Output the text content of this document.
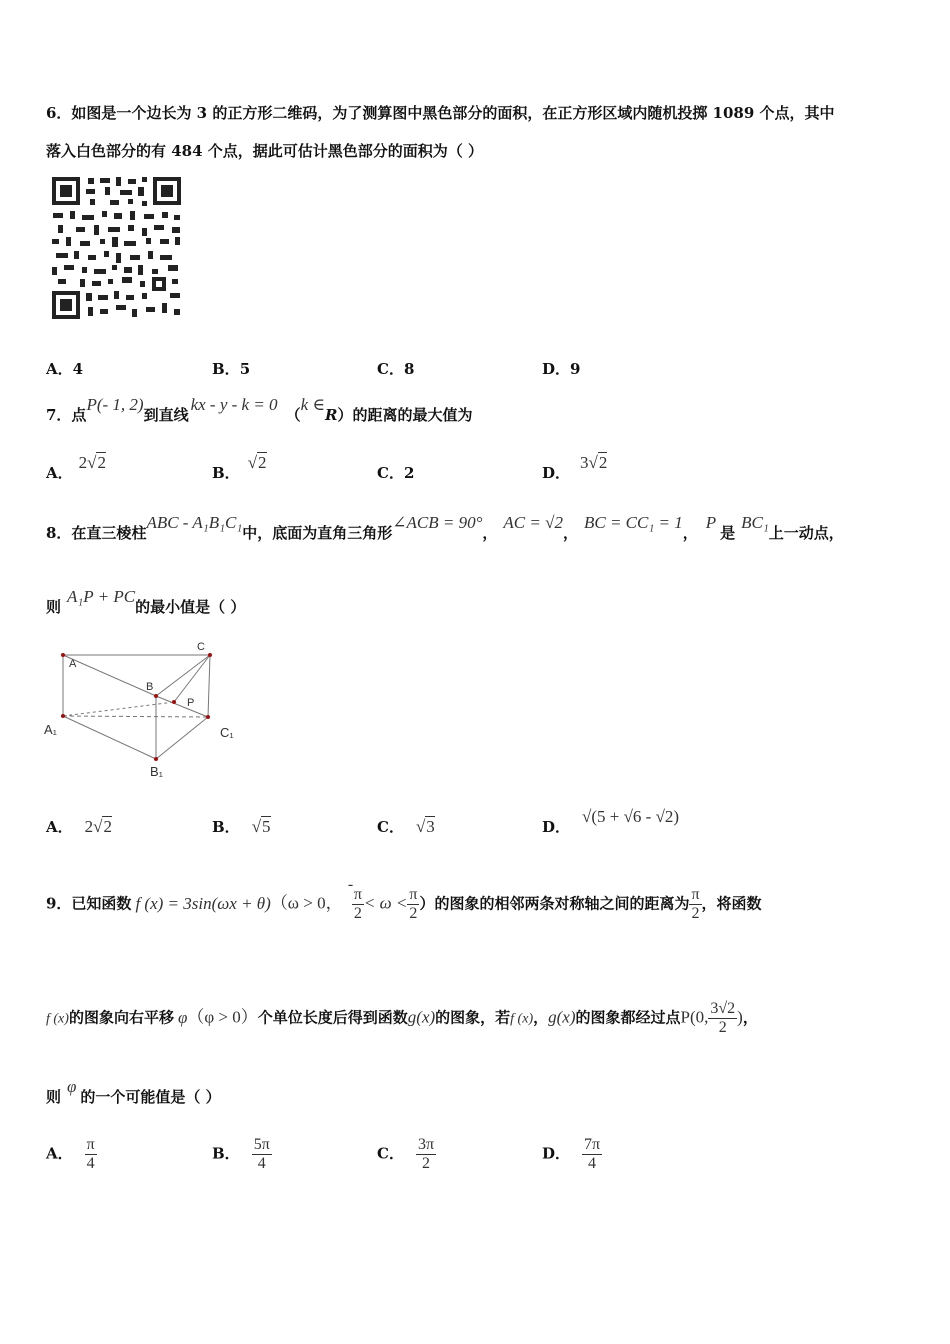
6．如图是一个边长为 3 的正方形二维码，为了测算图中黑色部分的面积，在正方形区域内随机投掷 1089 个点，其中
落入白色部分的有 484 个点，据此可估计黑色部分的面积为（ ）
A．4	B．5	C．8	D．9
7．点P(- 1, 2)到直线kx - y - k = 0（k ∈R）的距离的最大值为
A．2√2
B．√2
C．2	D．3√2
8．在直三棱柱ABC - A₁B₁C₁中，底面为直角三角形∠ACB = 90°，AC = √2，BC = CC₁ = 1，P是BC₁上一动点，
则A₁P + PC的最小值是（ ）
A
C
B
P
A₁	C₁
B₁
A． 2√2	B． √5	C． √3	D．√(5 + √6 - √2)
9．已知函数 f (x) = 3sin(ωx + θ)（ω > 0，
-
π
2
< $\omega < \frac{\pi}{2}$ ）的图象的相邻两条对称轴之间的距离为 $\frac{\pi}{2}$ ，将函数
f (x)的图象向右平移 φ（φ > 0）个单位长度后得到函数g(x)的图象，若f (x)，g(x)的图象都经过点P(0, $\frac{3√2}{2}$ )，
则φ的一个可能值是（ ）
A． $\frac{\pi}{4}$	B． $\frac{5\pi}{4}$	C． $\frac{3\pi}{2}$	D． $\frac{7\pi}{4}$
